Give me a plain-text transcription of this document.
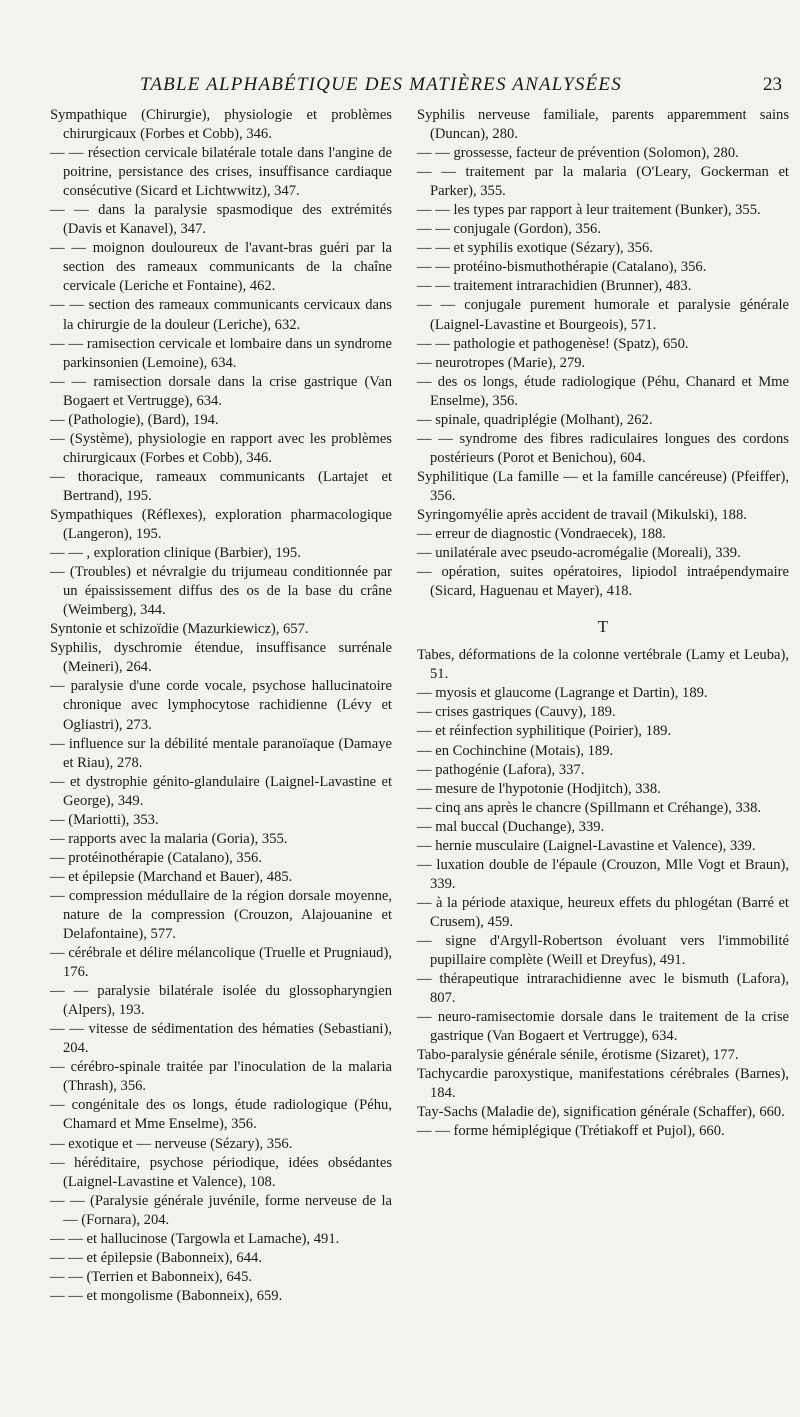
TABLE ALPHABÉTIQUE DES MATIÈRES ANALYSÉES	23

Sympathique (Chirurgie), physiologie et problèmes chirurgicaux (Forbes et Cobb), 346.

— — résection cervicale bilatérale totale dans l'angine de poitrine, persistance des crises, insuffisance cardiaque consécutive (Sicard et Lichtwwitz), 347.

— — dans la paralysie spasmodique des extrémités (Davis et Kanavel), 347.

— — moignon douloureux de l'avant-bras guéri par la section des rameaux communicants de la chaîne cervicale (Leriche et Fontaine), 462.

— — section des rameaux communicants cervicaux dans la chirurgie de la douleur (Leriche), 632.

— — ramisection cervicale et lombaire dans un syndrome parkinsonien (Lemoine), 634.

— — ramisection dorsale dans la crise gastrique (Van Bogaert et Vertrugge), 634.

— (Pathologie), (Bard), 194.

— (Système), physiologie en rapport avec les problèmes chirurgicaux (Forbes et Cobb), 346.

— thoracique, rameaux communicants (Lartajet et Bertrand), 195.

Sympathiques (Réflexes), exploration pharmacologique (Langeron), 195.

— — , exploration clinique (Barbier), 195.

— (Troubles) et névralgie du trijumeau conditionnée par un épaississement diffus des os de la base du crâne (Weimberg), 344.

Syntonie et schizoïdie (Mazurkiewicz), 657.

Syphilis, dyschromie étendue, insuffisance surrénale (Meineri), 264.

— paralysie d'une corde vocale, psychose hallucinatoire chronique avec lymphocytose rachidienne (Lévy et Ogliastri), 273.

— influence sur la débilité mentale paranoïaque (Damaye et Riau), 278.

— et dystrophie génito-glandulaire (Laignel-Lavastine et George), 349.

— (Mariotti), 353.

— rapports avec la malaria (Goria), 355.

— protéinothérapie (Catalano), 356.

— et épilepsie (Marchand et Bauer), 485.

— compression médullaire de la région dorsale moyenne, nature de la compression (Crouzon, Alajouanine et Delafontaine), 577.

— cérébrale et délire mélancolique (Truelle et Prugniaud), 176.

— — paralysie bilatérale isolée du glossopharyngien (Alpers), 193.

— — vitesse de sédimentation des hématies (Sebastiani), 204.

— cérébro-spinale traitée par l'inoculation de la malaria (Thrash), 356.

— congénitale des os longs, étude radiologique (Péhu, Chamard et Mme Enselme), 356.

— exotique et — nerveuse (Sézary), 356.

— héréditaire, psychose périodique, idées obsédantes (Laignel-Lavastine et Valence), 108.

— — (Paralysie générale juvénile, forme nerveuse de la — (Fornara), 204.

— — et hallucinose (Targowla et Lamache), 491.

— — et épilepsie (Babonneix), 644.

— — (Terrien et Babonneix), 645.

— — et mongolisme (Babonneix), 659.

Syphilis nerveuse familiale, parents apparemment sains (Duncan), 280.

— — grossesse, facteur de prévention (Solomon), 280.

— — traitement par la malaria (O'Leary, Gockerman et Parker), 355.

— — les types par rapport à leur traitement (Bunker), 355.

— — conjugale (Gordon), 356.

— — et syphilis exotique (Sézary), 356.

— — protéino-bismuthothérapie (Catalano), 356.

— — traitement intrarachidien (Brunner), 483.

— — conjugale purement humorale et paralysie générale (Laignel-Lavastine et Bourgeois), 571.

— — pathologie et pathogenèse! (Spatz), 650.

— neurotropes (Marie), 279.

— des os longs, étude radiologique (Péhu, Chanard et Mme Enselme), 356.

— spinale, quadriplégie (Molhant), 262.

— — syndrome des fibres radiculaires longues des cordons postérieurs (Porot et Benichou), 604.

Syphilitique (La famille — et la famille cancéreuse) (Pfeiffer), 356.

Syringomyélie après accident de travail (Mikulski), 188.

— erreur de diagnostic (Vondraecek), 188.

— unilatérale avec pseudo-acromégalie (Moreali), 339.

— opération, suites opératoires, lipiodol intraépendymaire (Sicard, Haguenau et Mayer), 418.

T

Tabes, déformations de la colonne vertébrale (Lamy et Leuba), 51.

— myosis et glaucome (Lagrange et Dartin), 189.

— crises gastriques (Cauvy), 189.

— et réinfection syphilitique (Poirier), 189.

— en Cochinchine (Motais), 189.

— pathogénie (Lafora), 337.

— mesure de l'hypotonie (Hodjitch), 338.

— cinq ans après le chancre (Spillmann et Créhange), 338.

— mal buccal (Duchange), 339.

— hernie musculaire (Laignel-Lavastine et Valence), 339.

— luxation double de l'épaule (Crouzon, Mlle Vogt et Braun), 339.

— à la période ataxique, heureux effets du phlogétan (Barré et Crusem), 459.

— signe d'Argyll-Robertson évoluant vers l'immobilité pupillaire complète (Weill et Dreyfus), 491.

— thérapeutique intrarachidienne avec le bismuth (Lafora), 807.

— neuro-ramisectomie dorsale dans le traitement de la crise gastrique (Van Bogaert et Vertrugge), 634.

Tabo-paralysie générale sénile, érotisme (Sizaret), 177.

Tachycardie paroxystique, manifestations cérébrales (Barnes), 184.

Tay-Sachs (Maladie de), signification générale (Schaffer), 660.

— — forme hémiplégique (Trétiakoff et Pujol), 660.
